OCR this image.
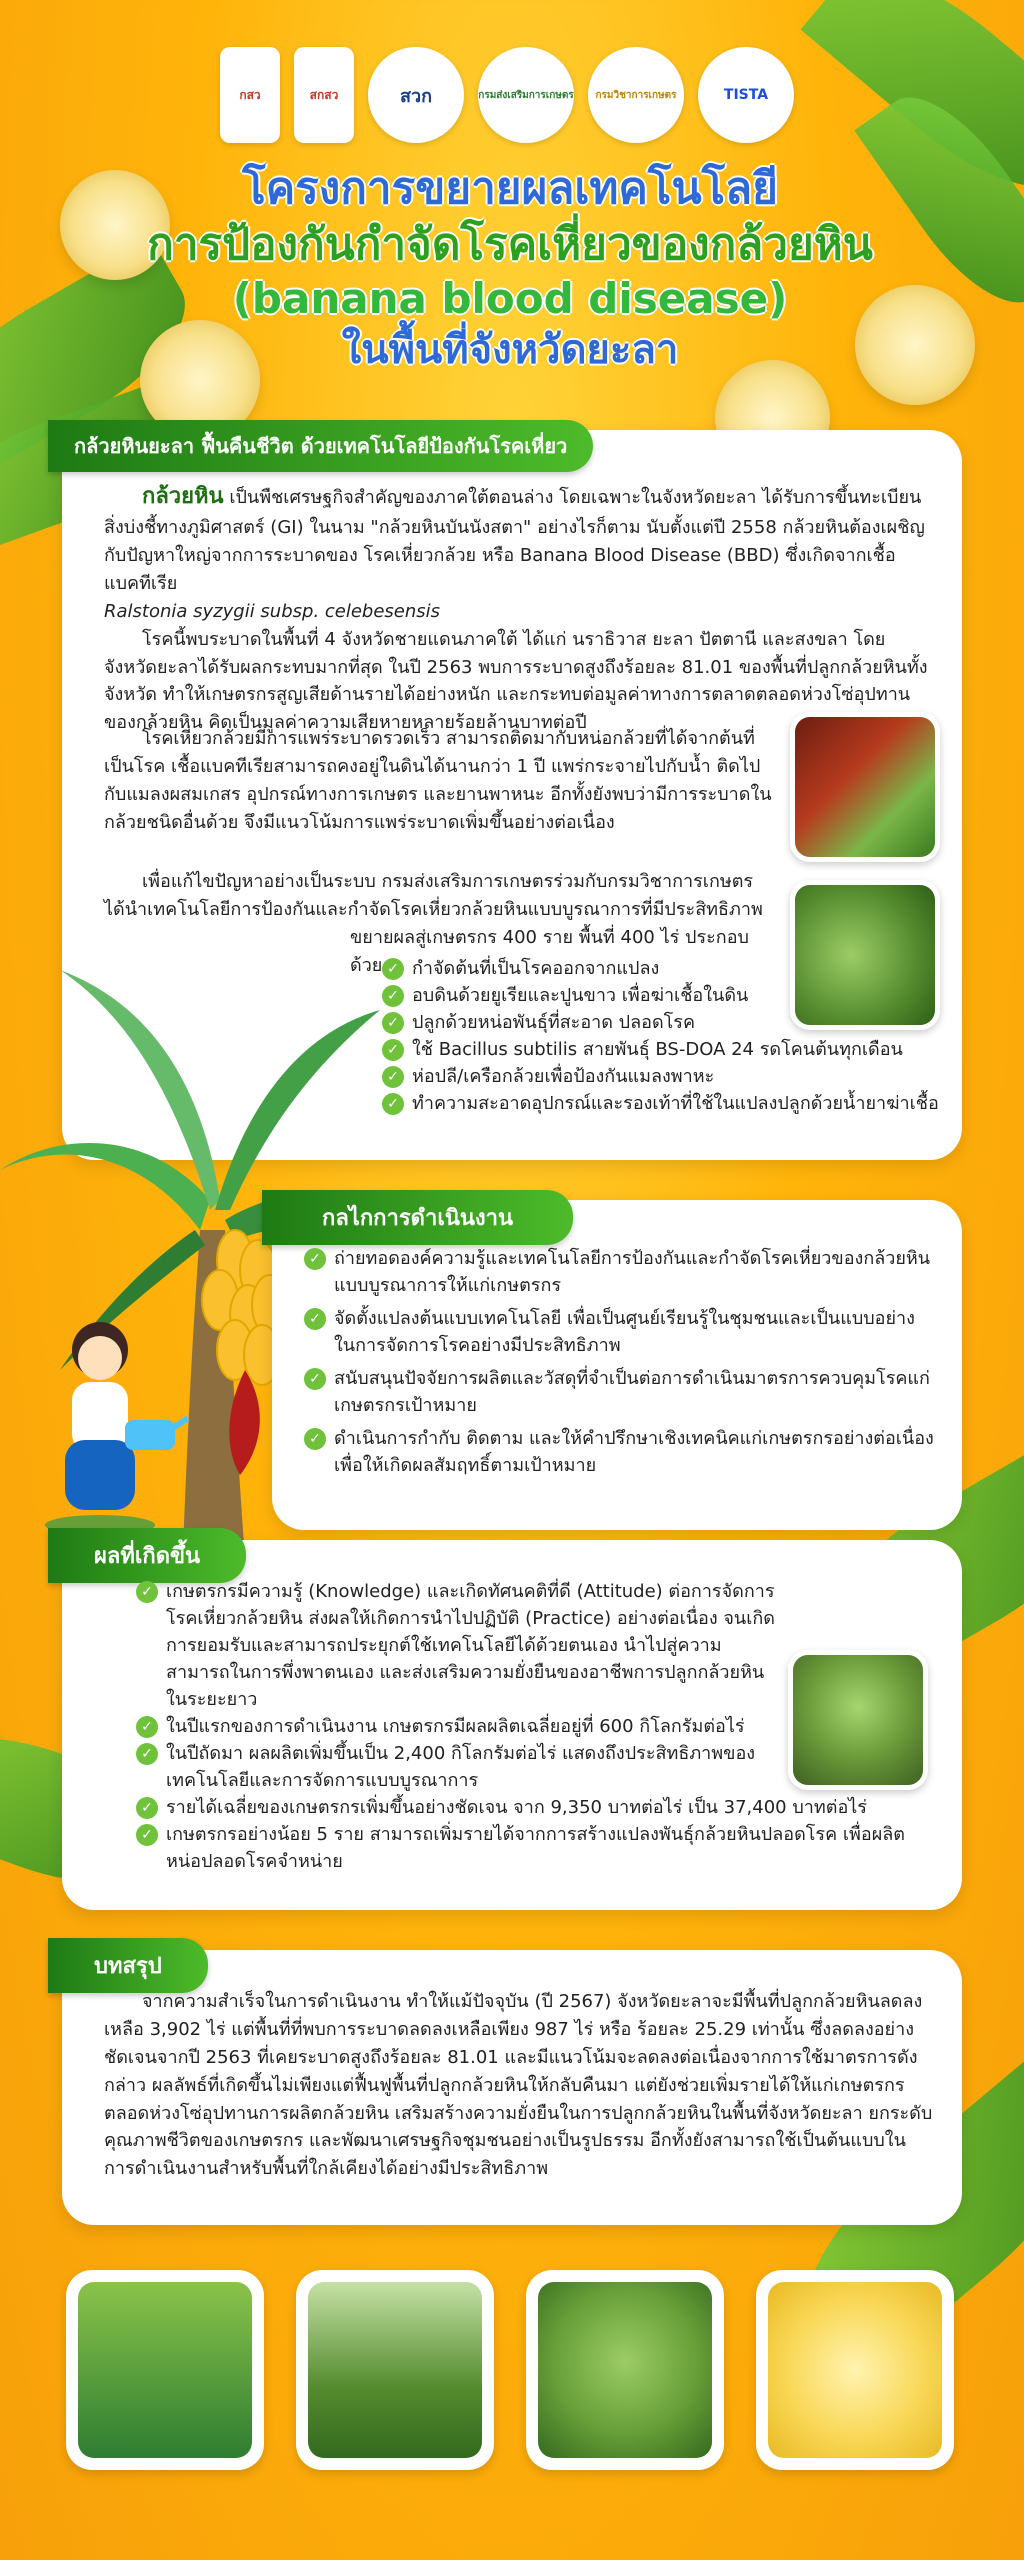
กสว	สกสว	สวก	กรมส่งเสริมการเกษตร	กรมวิชาการเกษตร	TISTA
โครงการขยายผลเทคโนโลยี
การป้องกันกำจัดโรคเหี่ยวของกล้วยหิน
(banana blood disease)
ในพื้นที่จังหวัดยะลา
กล้วยหินยะลา ฟื้นคืนชีวิต ด้วยเทคโนโลยีป้องกันโรคเหี่ยว
กล้วยหิน เป็นพืชเศรษฐกิจสำคัญของภาคใต้ตอนล่าง โดยเฉพาะในจังหวัดยะลา ได้รับการขึ้นทะเบียนสิ่งบ่งชี้ทางภูมิศาสตร์ (GI) ในนาม "กล้วยหินบันนังสตา" อย่างไรก็ตาม นับตั้งแต่ปี 2558 กล้วยหินต้องเผชิญกับปัญหาใหญ่จากการระบาดของ โรคเหี่ยวกล้วย หรือ Banana Blood Disease (BBD) ซึ่งเกิดจากเชื้อแบคทีเรีย
Ralstonia syzygii subsp. celebesensis
โรคนี้พบระบาดในพื้นที่ 4 จังหวัดชายแดนภาคใต้ ได้แก่ นราธิวาส ยะลา ปัตตานี และสงขลา โดยจังหวัดยะลาได้รับผลกระทบมากที่สุด ในปี 2563 พบการระบาดสูงถึงร้อยละ 81.01 ของพื้นที่ปลูกกล้วยหินทั้งจังหวัด ทำให้เกษตรกรสูญเสียด้านรายได้อย่างหนัก และกระทบต่อมูลค่าทางการตลาดตลอดห่วงโซ่อุปทานของกล้วยหิน คิดเป็นมูลค่าความเสียหายหลายร้อยล้านบาทต่อปี
โรคเหี่ยวกล้วยมีการแพร่ระบาดรวดเร็ว สามารถติดมากับหน่อกล้วยที่ได้จากต้นที่เป็นโรค เชื้อแบคทีเรียสามารถคงอยู่ในดินได้นานกว่า 1 ปี แพร่กระจายไปกับน้ำ ติดไปกับแมลงผสมเกสร อุปกรณ์ทางการเกษตร และยานพาหนะ อีกทั้งยังพบว่ามีการระบาดในกล้วยชนิดอื่นด้วย จึงมีแนวโน้มการแพร่ระบาดเพิ่มขึ้นอย่างต่อเนื่อง
เพื่อแก้ไขปัญหาอย่างเป็นระบบ กรมส่งเสริมการเกษตรร่วมกับกรมวิชาการเกษตร ได้นำเทคโนโลยีการป้องกันและกำจัดโรคเหี่ยวกล้วยหินแบบบูรณาการที่มีประสิทธิภาพ
ขยายผลสู่เกษตรกร 400 ราย พื้นที่ 400 ไร่ ประกอบด้วย ✓ กำจัดต้นที่เป็นโรคออกจากแปลง
✓ อบดินด้วยยูเรียและปูนขาว เพื่อฆ่าเชื้อในดิน
✓ ปลูกด้วยหน่อพันธุ์ที่สะอาด ปลอดโรค
✓ ใช้ Bacillus subtilis สายพันธุ์ BS-DOA 24 รดโคนต้นทุกเดือน
✓ ห่อปลี/เครือกล้วยเพื่อป้องกันแมลงพาหะ
✓ ทำความสะอาดอุปกรณ์และรองเท้าที่ใช้ในแปลงปลูกด้วยน้ำยาฆ่าเชื้อ
กลไกการดำเนินงาน
✓ ถ่ายทอดองค์ความรู้และเทคโนโลยีการป้องกันและกำจัดโรคเหี่ยวของกล้วยหินแบบบูรณาการให้แก่เกษตรกร
✓ จัดตั้งแปลงต้นแบบเทคโนโลยี เพื่อเป็นศูนย์เรียนรู้ในชุมชนและเป็นแบบอย่างในการจัดการโรคอย่างมีประสิทธิภาพ
✓ สนับสนุนปัจจัยการผลิตและวัสดุที่จำเป็นต่อการดำเนินมาตรการควบคุมโรคแก่เกษตรกรเป้าหมาย
✓ ดำเนินการกำกับ ติดตาม และให้คำปรึกษาเชิงเทคนิคแก่เกษตรกรอย่างต่อเนื่อง เพื่อให้เกิดผลสัมฤทธิ์ตามเป้าหมาย
ผลที่เกิดขึ้น
✓ เกษตรกรมีความรู้ (Knowledge) และเกิดทัศนคติที่ดี (Attitude) ต่อการจัดการโรคเหี่ยวกล้วยหิน ส่งผลให้เกิดการนำไปปฏิบัติ (Practice) อย่างต่อเนื่อง จนเกิดการยอมรับและสามารถประยุกต์ใช้เทคโนโลยีได้ด้วยตนเอง นำไปสู่ความสามารถในการพึ่งพาตนเอง และส่งเสริมความยั่งยืนของอาชีพการปลูกกล้วยหินในระยะยาว
✓ ในปีแรกของการดำเนินงาน เกษตรกรมีผลผลิตเฉลี่ยอยู่ที่ 600 กิโลกรัมต่อไร่
✓ ในปีถัดมา ผลผลิตเพิ่มขึ้นเป็น 2,400 กิโลกรัมต่อไร่ แสดงถึงประสิทธิภาพของเทคโนโลยีและการจัดการแบบบูรณาการ
✓ รายได้เฉลี่ยของเกษตรกรเพิ่มขึ้นอย่างชัดเจน จาก 9,350 บาทต่อไร่ เป็น 37,400 บาทต่อไร่
✓ เกษตรกรอย่างน้อย 5 ราย สามารถเพิ่มรายได้จากการสร้างแปลงพันธุ์กล้วยหินปลอดโรค เพื่อผลิตหน่อปลอดโรคจำหน่าย
บทสรุป
จากความสำเร็จในการดำเนินงาน ทำให้แม้ปัจจุบัน (ปี 2567) จังหวัดยะลาจะมีพื้นที่ปลูกกล้วยหินลดลงเหลือ 3,902 ไร่ แต่พื้นที่ที่พบการระบาดลดลงเหลือเพียง 987 ไร่ หรือ ร้อยละ 25.29 เท่านั้น ซึ่งลดลงอย่างชัดเจนจากปี 2563 ที่เคยระบาดสูงถึงร้อยละ 81.01 และมีแนวโน้มจะลดลงต่อเนื่องจากการใช้มาตรการดังกล่าว ผลลัพธ์ที่เกิดขึ้นไม่เพียงแต่ฟื้นฟูพื้นที่ปลูกกล้วยหินให้กลับคืนมา แต่ยังช่วยเพิ่มรายได้ให้แก่เกษตรกรตลอดห่วงโซ่อุปทานการผลิตกล้วยหิน เสริมสร้างความยั่งยืนในการปลูกกล้วยหินในพื้นที่จังหวัดยะลา ยกระดับคุณภาพชีวิตของเกษตรกร และพัฒนาเศรษฐกิจชุมชนอย่างเป็นรูปธรรม อีกทั้งยังสามารถใช้เป็นต้นแบบในการดำเนินงานสำหรับพื้นที่ใกล้เคียงได้อย่างมีประสิทธิภาพ
